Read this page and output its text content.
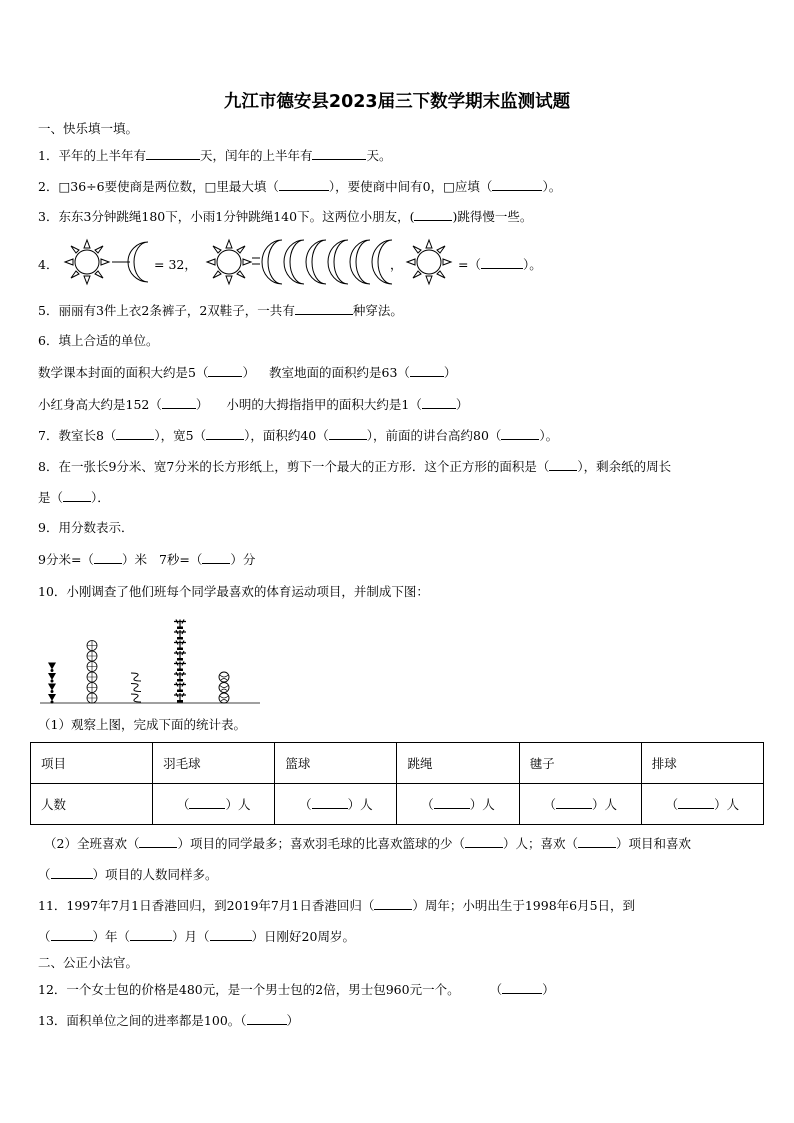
九江市德安县2023届三下数学期末监测试题
一、快乐填一填。
1．平年的上半年有	天，闰年的上半年有	天。
2．□36÷6要使商是两位数，□里最大填（	），要使商中间有0，□应填（	）。
3．东东3分钟跳绳180下，小雨1分钟跳绳140下。这两位小朋友，(	)跳得慢一些。
4．	= 32，	，	=（	）。
5．丽丽有3件上衣2条裤子，2双鞋子，一共有	种穿法。
6．填上合适的单位。
数学课本封面的面积大约是5（	） 教室地面的面积约是63（	）
小红身高大约是152（	） 小明的大拇指指甲的面积大约是1（	）
7．教室长8（	），宽5（	），面积约40（	），前面的讲台高约80（	）。
8．在一张长9分米、宽7分米的长方形纸上，剪下一个最大的正方形．这个正方形的面积是（ ），剩余纸的周长
是（ ）．
9．用分数表示．
9分米=（ ）米 7秒=（ ）分
10．小刚调查了他们班每个同学最喜欢的体育运动项目，并制成下图：
（1）观察上图，完成下面的统计表。
项目	羽毛球	篮球	跳绳	毽子	排球
人数	（ ）人	（ ）人	（ ）人	（ ）人	（ ）人
（2）全班喜欢（	）项目的同学最多；喜欢羽毛球的比喜欢篮球的少（	）人；喜欢（	）项目和喜欢
（	）项目的人数同样多。
11．1997年7月1日香港回归，到2019年7月1日香港回归（	）周年；小明出生于1998年6月5日，到
（	）年（	）月（	）日刚好20周岁。
二、公正小法官。
12．一个女士包的价格是480元，是一个男士包的2倍，男士包960元一个。 （	）
13．面积单位之间的进率都是100。（	）
